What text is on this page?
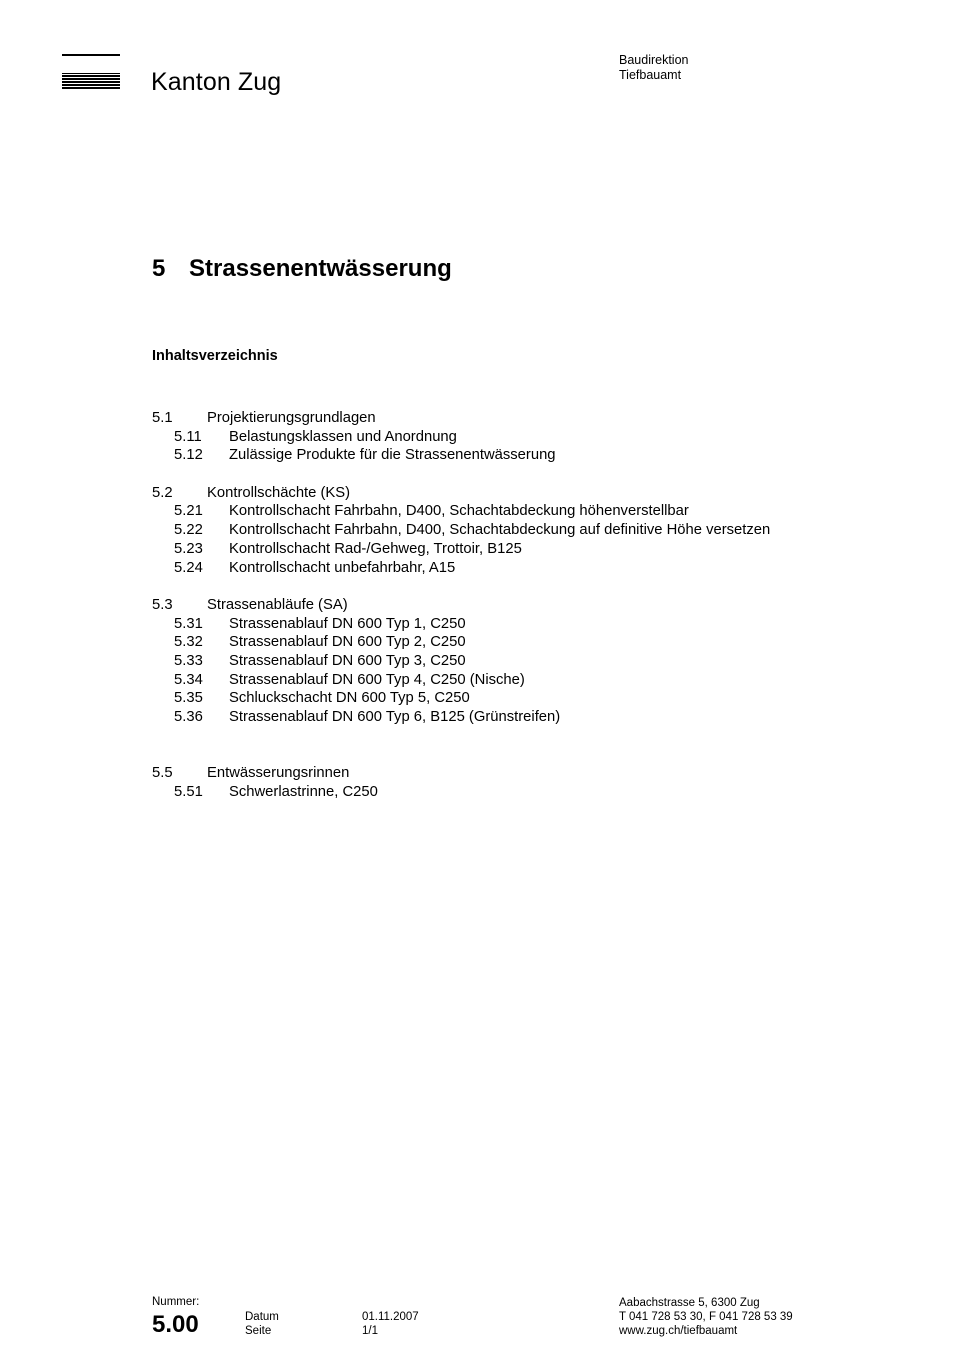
Kanton Zug
Baudirektion
Tiefbauamt
5 Strassenentwässerung
Inhaltsverzeichnis
5.1 Projektierungsgrundlagen
5.11 Belastungsklassen und Anordnung
5.12 Zulässige Produkte für die Strassenentwässerung
5.2 Kontrollschächte (KS)
5.21 Kontrollschacht Fahrbahn, D400, Schachtabdeckung höhenverstellbar
5.22 Kontrollschacht Fahrbahn, D400, Schachtabdeckung auf definitive Höhe versetzen
5.23 Kontrollschacht Rad-/Gehweg, Trottoir, B125
5.24 Kontrollschacht unbefahrbahr, A15
5.3 Strassenabläufe (SA)
5.31 Strassenablauf DN 600 Typ 1, C250
5.32 Strassenablauf DN 600 Typ 2, C250
5.33 Strassenablauf DN 600 Typ 3, C250
5.34 Strassenablauf DN 600 Typ 4, C250 (Nische)
5.35 Schluckschacht DN 600 Typ 5, C250
5.36 Strassenablauf DN 600 Typ 6, B125 (Grünstreifen)
5.5 Entwässerungsrinnen
5.51 Schwerlastrinne, C250
Nummer:
5.00	Datum
Seite
01.11.2007
1/1
Aabachstrasse 5, 6300 Zug
T 041 728 53 30, F 041 728 53 39
www.zug.ch/tiefbauamt
